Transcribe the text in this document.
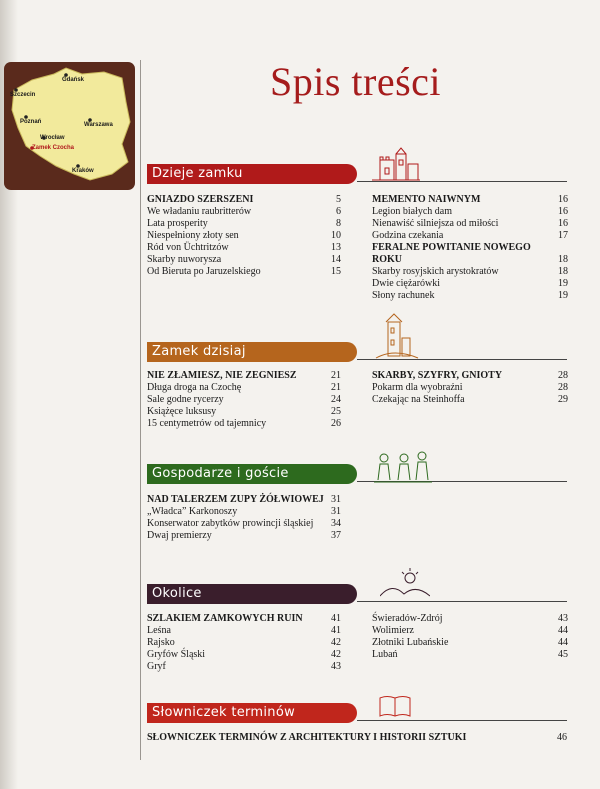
Gdańsk
Szczecin
Poznań	Warszawa
Wrocław
Zamek Czocha
Kraków
Spis treści
Dzieje zamku
GNIAZDO SZERSZENI	5
We władaniu raubritterów	6
Lata prosperity	8
Niespełniony złoty sen	10
Ród von Üchtritzów	13
Skarby nuworysza	14
Od Bieruta po Jaruzelskiego	15
MEMENTO NAIWNYM	16
Legion białych dam	16
Nienawiść silniejsza od miłości	16
Godzina czekania	17
FERALNE POWITANIE NOWEGO ROKU	18
Skarby rosyjskich arystokratów	18
Dwie ciężarówki	19
Słony rachunek	19
Zamek dzisiaj
NIE ZŁAMIESZ, NIE ZEGNIESZ	21
Długa droga na Czochę	21
Sale godne rycerzy	24
Książęce luksusy	25
15 centymetrów od tajemnicy	26
SKARBY, SZYFRY, GNIOTY	28
Pokarm dla wyobraźni	28
Czekając na Steinhoffa	29
Gospodarze i goście
NAD TALERZEM ZUPY ŻÓŁWIOWEJ 31
„Władca” Karkonoszy	31
Konserwator zabytków prowincji śląskiej	34
Dwaj premierzy	37
Okolice
SZLAKIEM ZAMKOWYCH RUIN	41
Leśna	41
Rajsko	42
Gryfów Śląski	42
Gryf	43
Świeradów-Zdrój	43
Wolimierz	44
Złotniki Lubańskie	44
Lubań	45
Słowniczek terminów
SŁOWNICZEK TERMINÓW Z ARCHITEKTURY I HISTORII SZTUKI	46
